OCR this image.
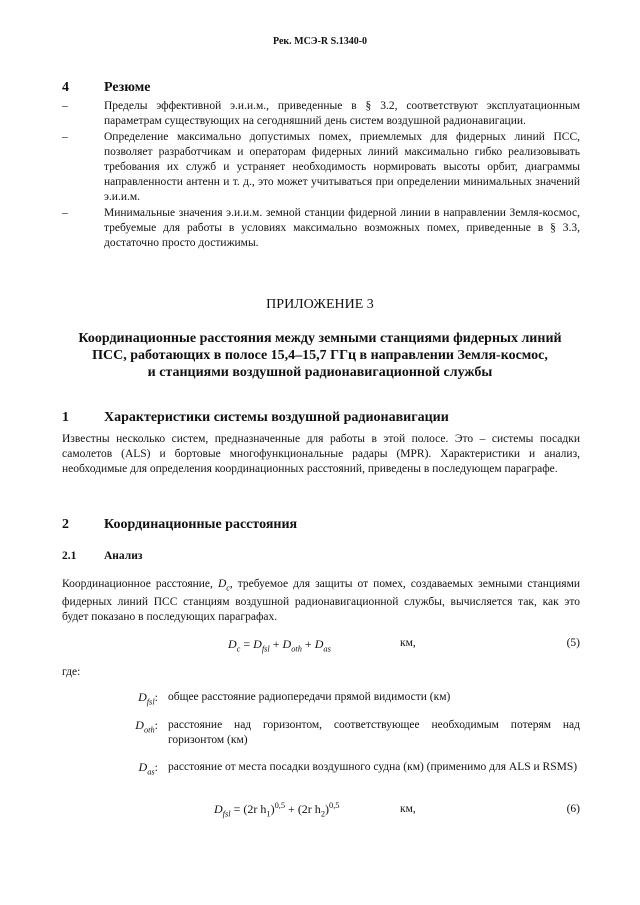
Рек. МСЭ-R S.1340-0
4	Резюме
–	Пределы эффективной э.и.и.м., приведенные в § 3.2, соответствуют эксплуатационным параметрам существующих на сегодняшний день систем воздушной радионавигации.
–	Определение максимально допустимых помех, приемлемых для фидерных линий ПСС, позволяет разработчикам и операторам фидерных линий максимально гибко реализовывать требования их служб и устраняет необходимость нормировать высоты орбит, диаграммы направленности антенн и т. д., это может учитываться при определении минимальных значений э.и.и.м.
–	Минимальные значения э.и.и.м. земной станции фидерной линии в направлении Земля-космос, требуемые для работы в условиях максимально возможных помех, приведенные в § 3.3, достаточно просто достижимы.
ПРИЛОЖЕНИЕ 3
Координационные расстояния между земными станциями фидерных линий
ПСС, работающих в полосе 15,4–15,7 ГГц в направлении Земля-космос,
и станциями воздушной радионавигационной службы
1	Характеристики системы воздушной радионавигации
Известны несколько систем, предназначенные для работы в этой полосе. Это – системы посадки самолетов (ALS) и бортовые многофункциональные радары (MPR). Характеристики и анализ, необходимые для определения координационных расстояний, приведены в последующем параграфе.
2	Координационные расстояния
2.1 Анализ
Координационное расстояние, $D_c$, требуемое для защиты от помех, создаваемых земными станциями фидерных линий ПСС станциям воздушной радионавигационной службы, вычисляется так, как это будет показано в последующих параграфах.
$D_c = D_{fsl} + D_{oth} + D_{as}$	км,	(5)
где:
$D_{fsl}$: общее расстояние радиопередачи прямой видимости (км)
$D_{oth}$: расстояние над горизонтом, соответствующее необходимым потерям над горизонтом (км)
$D_{as}$: расстояние от места посадки воздушного судна (км) (применимо для ALS и RSMS)
$D_{fsl} = (2r$ $h_1)^{0,5} + (2r$ $h_2)^{0,5}$	км,	(6)
